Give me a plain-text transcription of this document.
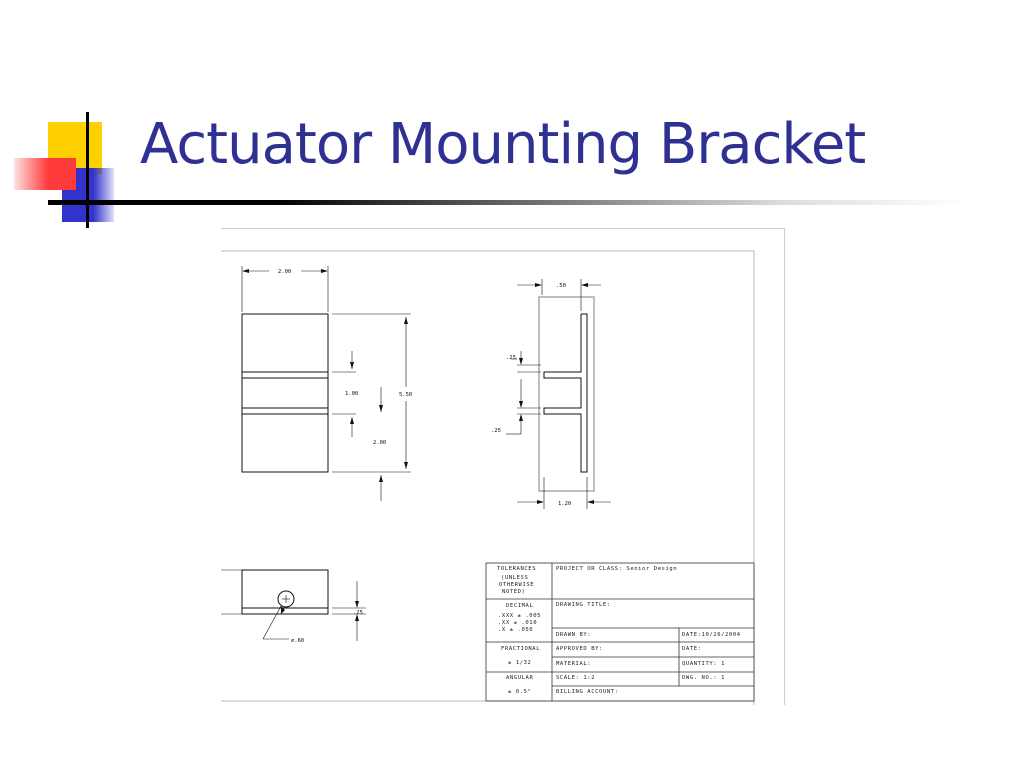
Actuator Mounting Bracket
2.00
5.50
1.00
2.00
.50
.25
.25
1.20
.25
⌀.60
TOLERANCES
(UNLESS
OTHERWISE
NOTED)
DECIMAL
.XXX ± .005
.XX ± .010
.X ± .050
FRACTIONAL
± 1/32
ANGULAR
± 0.5°
PROJECT OR CLASS: Senior Design
DRAWING TITLE:
DRAWN BY:	DATE:10/26/2004
APPROVED BY:	DATE:
MATERIAL:	QUANTITY: 1
SCALE: 1:2	DWG. NO.: 1
BILLING ACCOUNT:
